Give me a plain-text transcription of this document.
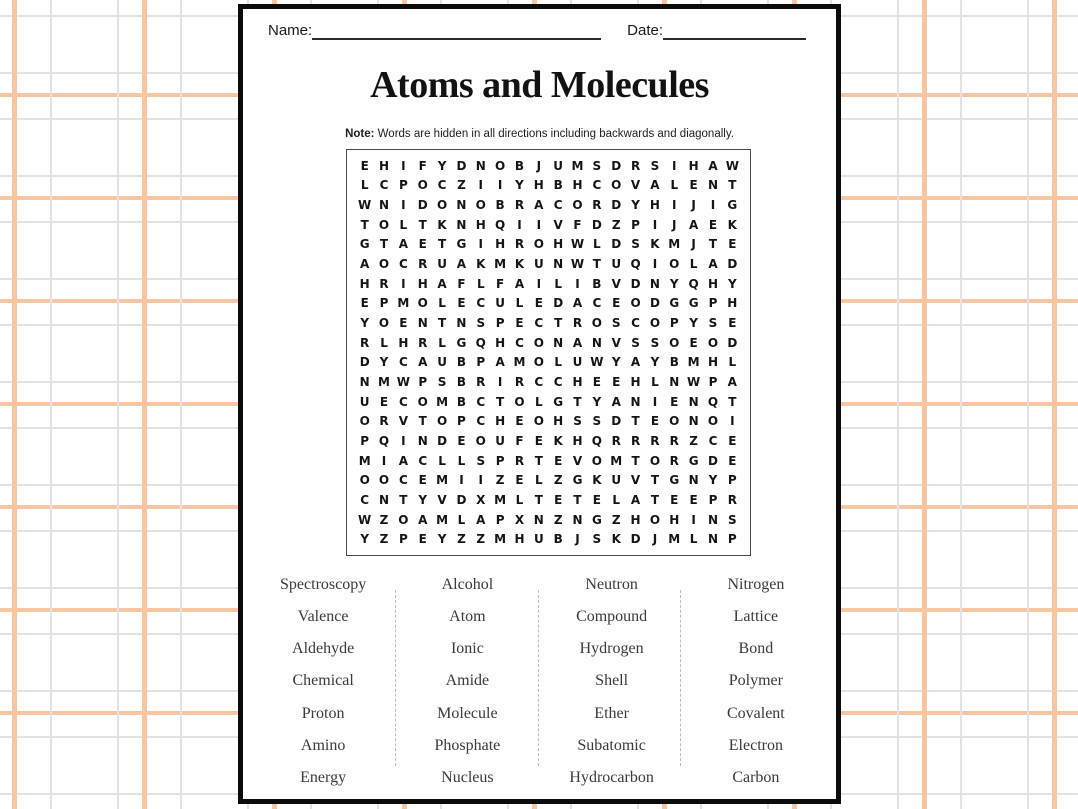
Name:	Date:
Atoms and Molecules

Note: Words are hidden in all directions including backwards and diagonally.

E H	I	F Y D N O B	J	U M S D R S	I	H A W
L C P O C Z	I	I	Y H B H C O V A L E N T
W N	I	D O N O B R A C O R D Y H	I	J	I	G
T O L T K N H Q	I	I	V F D Z P	I	J	A E K
G T A E T G	I	H R O H W L D S K M J	T E
A O C R U A K M K U N W T U Q	I	O L A D
H R	I	H A F L F A	I	L	I	B V D N Y Q H Y
E P M O L E C U L E D A C E O D G G P H
Y O E N T N S P E C T R O S C O P Y S E
R L H R L G Q H C O N A N V S S O E O D
D Y C A U B P A M O L U W Y A Y B M H L
N M W P S B R	I	R C C H E E H L N W P A
U E C O M B C T O L G T Y A N	I	E N Q T
O R V T O P C H E O H S S D T E O N O	I
P Q	I	N D E O U F E K H Q R R R R Z C E
M I	A C L L S P R T E V O M T O R G D E
O O C E M I	I	Z E L Z G K U V T G N Y P
C N T Y V D X M L T E T E L A T E E P R
W Z O A M L A P X N Z N G Z H O H	I	N S
Y Z P E Y Z Z M H U B	J	S K D	J M L N P
Spectroscopy
Valence
Aldehyde
Chemical
Proton
Amino
Energy
Alcohol
Atom
Ionic
Amide
Molecule
Phosphate
Nucleus
Neutron
Compound
Hydrogen
Shell
Ether
Subatomic
Hydrocarbon
Nitrogen
Lattice
Bond
Polymer
Covalent
Electron
Carbon
